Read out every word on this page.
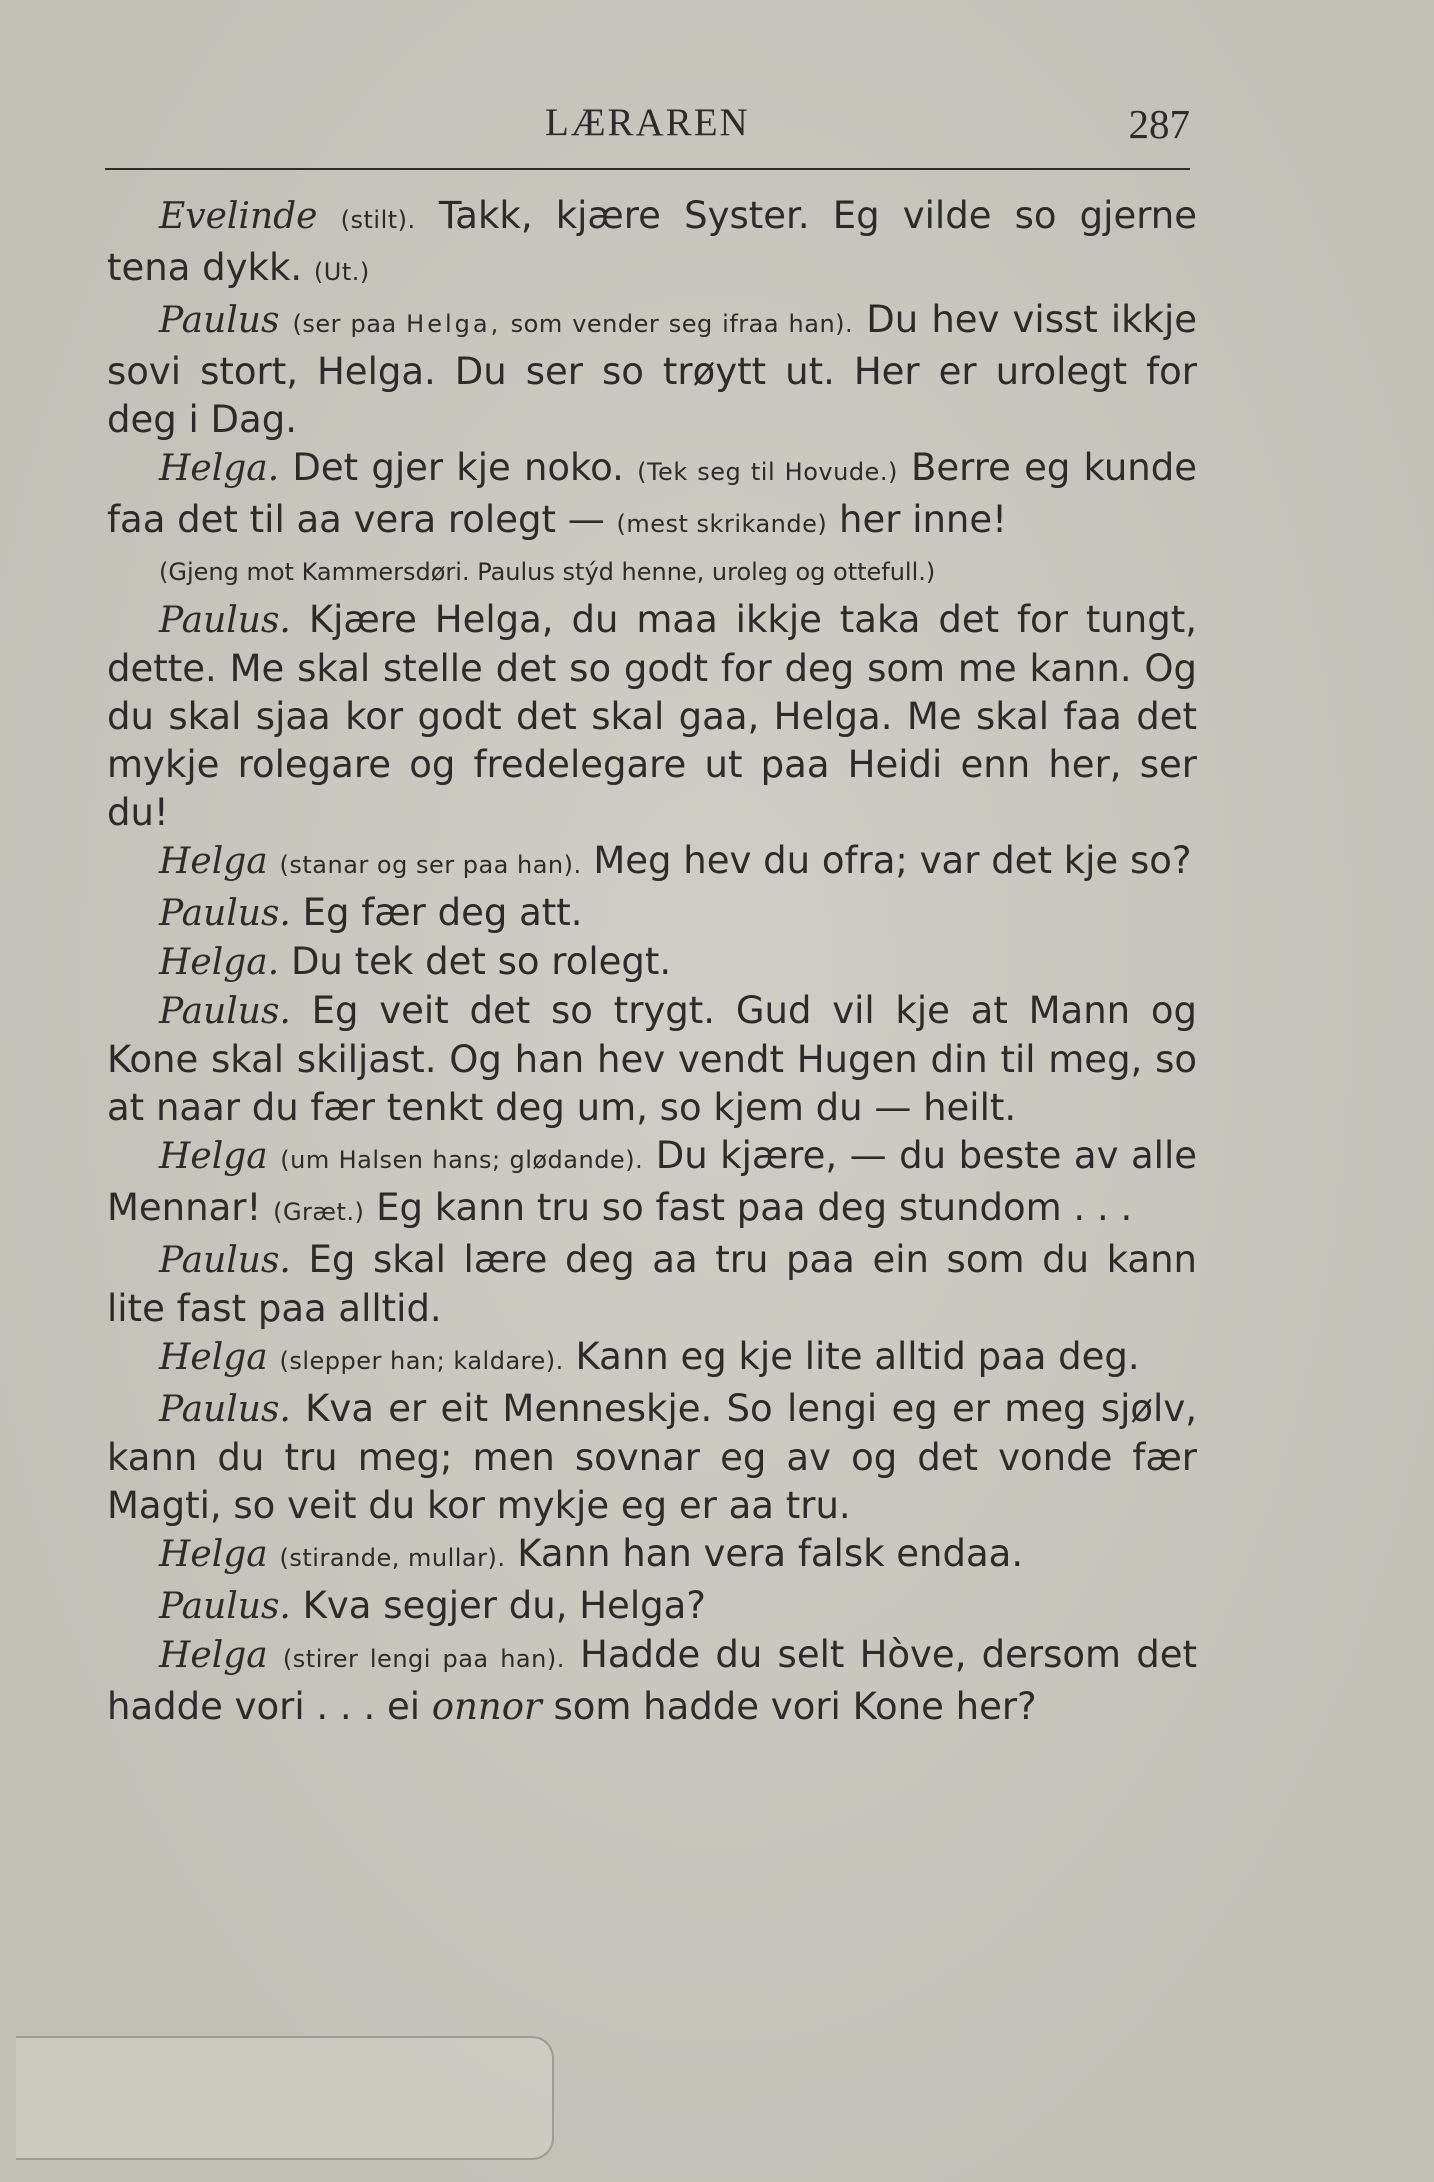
LÆRAREN	287

Evelinde (stilt). Takk, kjære Syster. Eg vilde so gjerne tena dykk. (Ut.)

Paulus (ser paa Helga, som vender seg ifraa han). Du hev visst ikkje sovi stort, Helga. Du ser so trøytt ut. Her er urolegt for deg i Dag.

Helga. Det gjer kje noko. (Tek seg til Hovude.) Berre eg kunde faa det til aa vera rolegt — (mest skrikande) her inne!

(Gjeng mot Kammersdøri. Paulus stýd henne, uroleg og ottefull.)

Paulus. Kjære Helga, du maa ikkje taka det for tungt, dette. Me skal stelle det so godt for deg som me kann. Og du skal sjaa kor godt det skal gaa, Helga. Me skal faa det mykje rolegare og fredelegare ut paa Heidi enn her, ser du!

Helga (stanar og ser paa han). Meg hev du ofra; var det kje so?

Paulus. Eg fær deg att.

Helga. Du tek det so rolegt.

Paulus. Eg veit det so trygt. Gud vil kje at Mann og Kone skal skiljast. Og han hev vendt Hugen din til meg, so at naar du fær tenkt deg um, so kjem du — heilt.

Helga (um Halsen hans; glødande). Du kjære, — du beste av alle Mennar! (Græt.) Eg kann tru so fast paa deg stundom . . .

Paulus. Eg skal lære deg aa tru paa ein som du kann lite fast paa alltid.

Helga (slepper han; kaldare). Kann eg kje lite alltid paa deg.

Paulus. Kva er eit Menneskje. So lengi eg er meg sjølv, kann du tru meg; men sovnar eg av og det vonde fær Magti, so veit du kor mykje eg er aa tru.

Helga (stirande, mullar). Kann han vera falsk endaa.

Paulus. Kva segjer du, Helga?

Helga (stirer lengi paa han). Hadde du selt Hòve, dersom det hadde vori . . . ei onnor som hadde vori Kone her?
